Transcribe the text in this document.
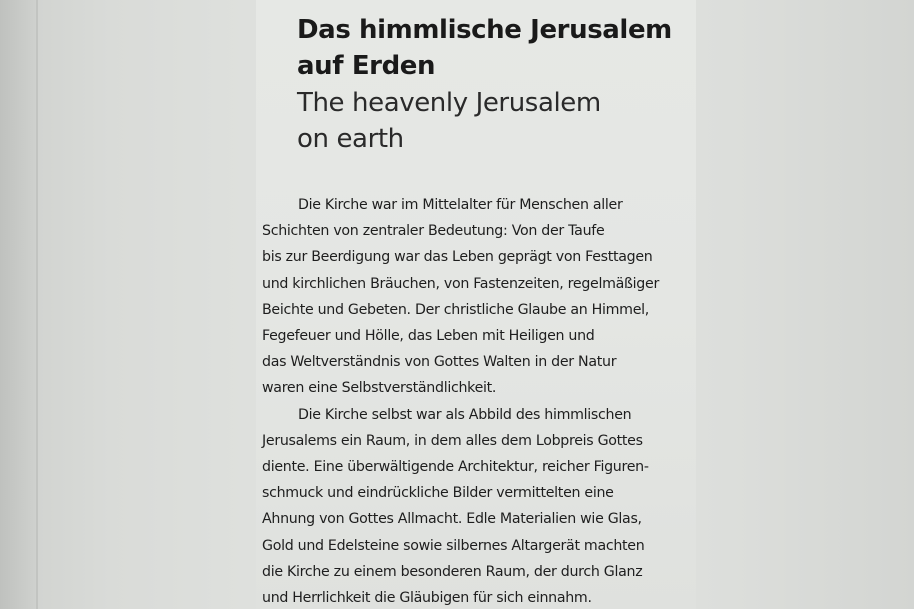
Das himmlische Jerusalem
auf Erden
The heavenly Jerusalem
on earth

Die Kirche war im Mittelalter für Menschen aller
Schichten von zentraler Bedeutung: Von der Taufe
bis zur Beerdigung war das Leben geprägt von Festtagen
und kirchlichen Bräuchen, von Fastenzeiten, regelmäßiger
Beichte und Gebeten. Der christliche Glaube an Himmel,
Fegefeuer und Hölle, das Leben mit Heiligen und
das Weltverständnis von Gottes Walten in der Natur
waren eine Selbstverständlichkeit.

Die Kirche selbst war als Abbild des himmlischen
Jerusalems ein Raum, in dem alles dem Lobpreis Gottes
diente. Eine überwältigende Architektur, reicher Figuren-
schmuck und eindrückliche Bilder vermittelten eine
Ahnung von Gottes Allmacht. Edle Materialien wie Glas,
Gold und Edelsteine sowie silbernes Altargerät machten
die Kirche zu einem besonderen Raum, der durch Glanz
und Herrlichkeit die Gläubigen für sich einnahm.
